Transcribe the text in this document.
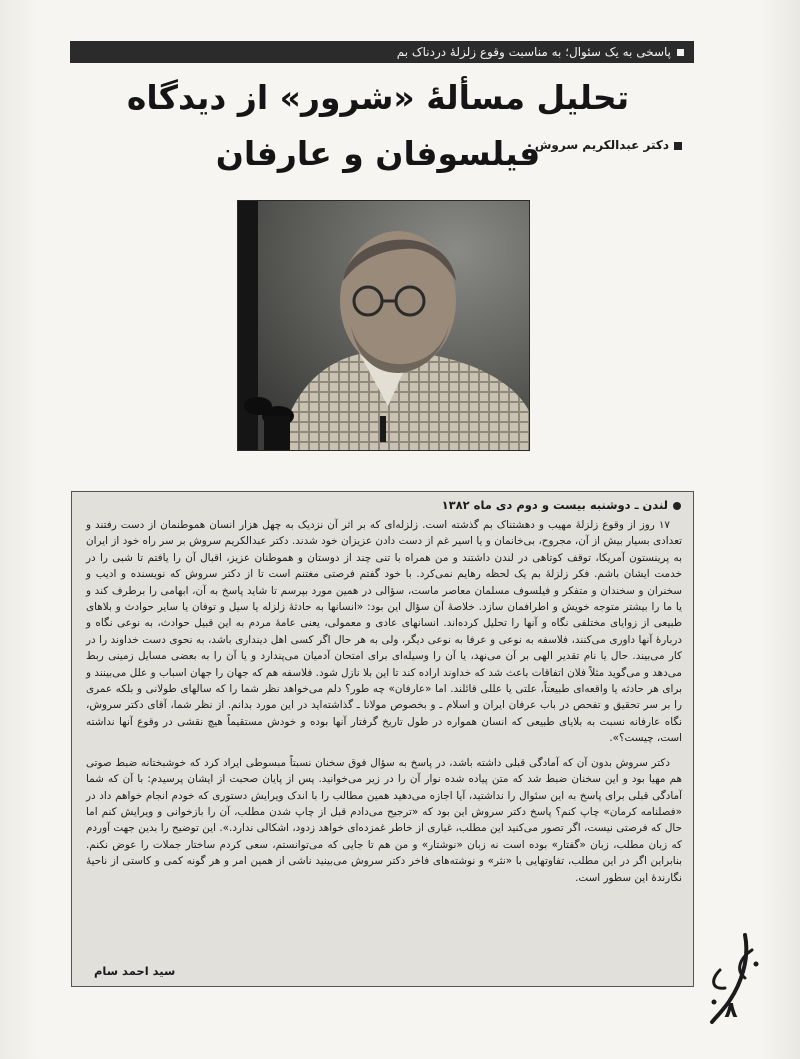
پاسخی به یک سئوال؛ به مناسبت وقوع زلزلهٔ دردناک بم
تحلیل مسألهٔ «شرور» از دیدگاه فیلسوفان و عارفان
دکتر عبدالکریم سروش
لندن ـ دوشنبه بیست و دوم دی ماه ۱۳۸۲

۱۷ روز از وقوع زلزلهٔ مهیب و دهشتناک بم گذشته است. زلزله‌ای که بر اثر آن نزدیک به چهل هزار انسان هموطنمان از دست رفتند و تعدادی بسیار بیش از آن، مجروح، بی‌خانمان و یا اسیر غم از دست دادن عزیزان خود شدند. دکتر عبدالکریم سروش بر سر راه خود از ایران به پرینستون آمریکا، توقف کوتاهی در لندن داشتند و من همراه با تنی چند از دوستان و هموطنان عزیز، اقبال آن را یافتم تا شبی را در خدمت ایشان باشم. فکر زلزلهٔ بم یک لحظه رهایم نمی‌کرد. با خود گفتم فرصتی مغتنم است تا از دکتر سروش که نویسنده و ادیب و سخنران و سخندان و متفکر و فیلسوف مسلمان معاصر ماست، سؤالی در همین مورد بپرسم تا شاید پاسخ به آن، ابهامی را برطرف کند و یا ما را بیشتر متوجه خویش و اطرافمان سازد. خلاصهٔ آن سؤال این بود: «انسانها به حادثهٔ زلزله یا سیل و توفان یا سایر حوادث و بلاهای طبیعی از زوایای مختلفی نگاه و آنها را تحلیل کرده‌اند. انسانهای عادی و معمولی، یعنی عامهٔ مردم به این قبیل حوادث، به نوعی نگاه و دربارهٔ آنها داوری می‌کنند، فلاسفه به نوعی و عرفا به نوعی دیگر، ولی به هر حال اگر کسی اهل دینداری باشد، به نحوی دست خداوند را در کار می‌بیند. حال یا نام تقدیر الهی بر آن می‌نهد، یا آن را وسیله‌ای برای امتحان آدمیان می‌پندارد و یا آن را به بعضی مسایل زمینی ربط می‌دهد و می‌گوید مثلاً فلان اتفاقات باعث شد که خداوند اراده کند تا این بلا نازل شود. فلاسفه هم که جهان را جهان اسباب و علل می‌بینند و برای هر حادثه یا واقعه‌ای طبیعتاً، علتی یا عللی قائلند. اما «عارفان» چه طور؟ دلم می‌خواهد نظر شما را که سالهای طولانی و بلکه عمری را بر سر تحقیق و تفحص در باب عرفان ایران و اسلام ـ و بخصوص مولانا ـ گذاشته‌اید در این مورد بدانم. از نظر شما، آقای دکتر سروش، نگاه عارفانه نسبت به بلایای طبیعی که انسان همواره در طول تاریخ گرفتار آنها بوده و خودش مستقیماً هیچ نقشی در وقوع آنها نداشته است، چیست؟».

دکتر سروش بدون آن که آمادگی قبلی داشته باشد، در پاسخ به سؤال فوق سخنان نسبتاً مبسوطی ایراد کرد که خوشبختانه ضبط صوتی هم مهیا بود و این سخنان ضبط شد که متن پیاده شده نوار آن را در زیر می‌خوانید. پس از پایان صحبت از ایشان پرسیدم: با آن که شما آمادگی قبلی برای پاسخ به این سئوال را نداشتید، آیا اجازه می‌دهید همین مطالب را با اندک ویرایش دستوری که خودم انجام خواهم داد در «فصلنامه کرمان» چاپ کنم؟ پاسخ دکتر سروش این بود که «ترجیح می‌دادم قبل از چاپ شدن مطلب، آن را بازخوانی و ویرایش کنم اما حال که فرصتی نیست، اگر تصور می‌کنید این مطلب، غباری از خاطر غمزده‌ای خواهد زدود، اشکالی ندارد.». این توضیح را بدین جهت آوردم که زبان مطلب، زبان «گفتار» بوده است نه زبان «نوشتار» و من هم تا جایی که می‌توانستم، سعی کردم ساختار جملات را عوض نکنم. بنابراین اگر در این مطلب، تفاوتهایی با «نثر» و نوشته‌های فاخر دکتر سروش می‌بینید ناشی از همین امر و هر گونه کمی و کاستی از ناحیهٔ نگارندهٔ این سطور است.

سید احمد سام
۸
